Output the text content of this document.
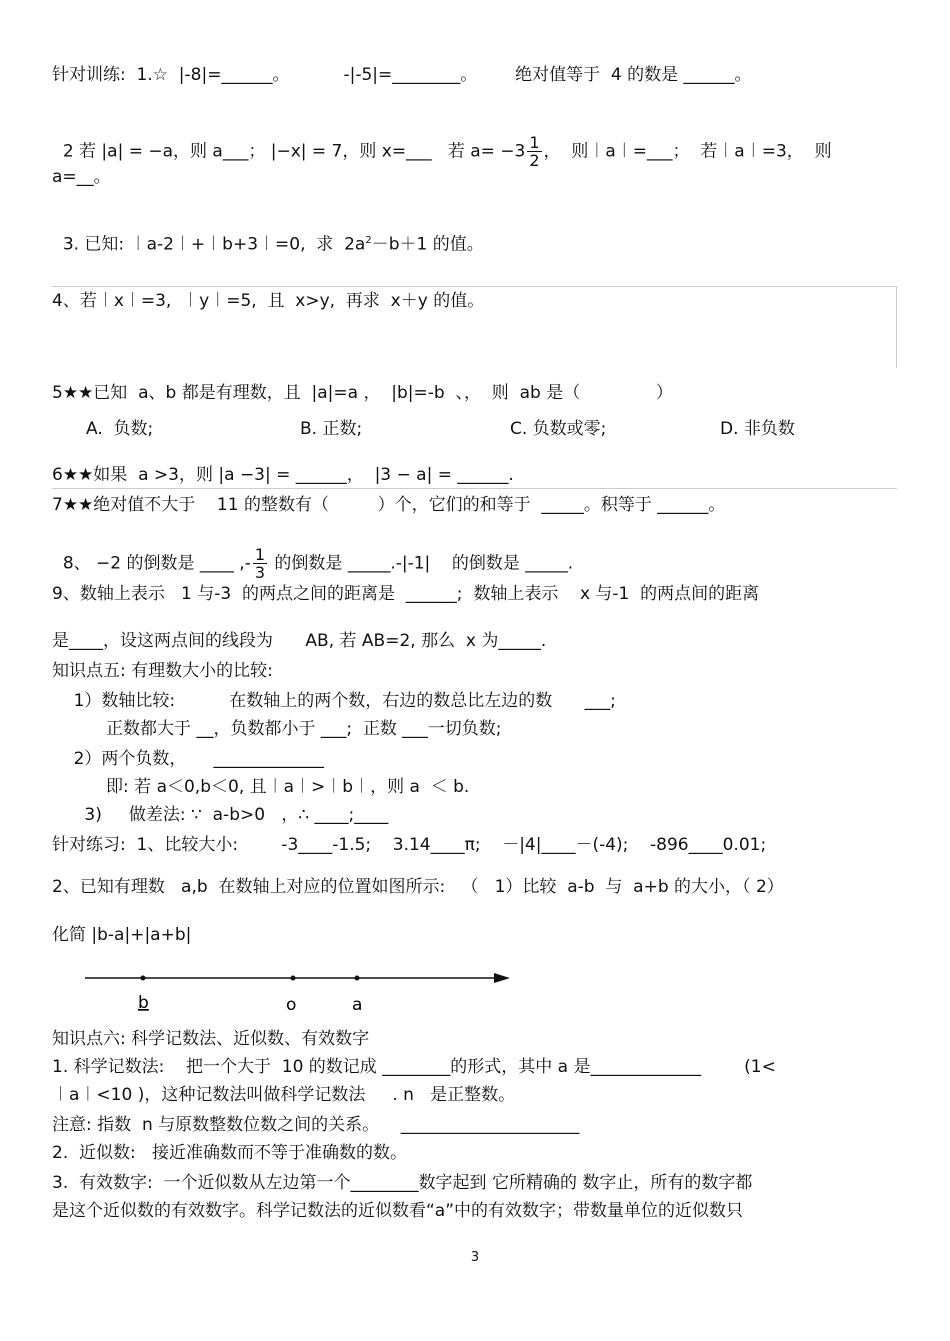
针对训练:  1.☆  |-8|=______。          -|-5|=________。       绝对值等于  4 的数是 ______。

2 若 |a| = −a，则 a___； |−x| = 7，则 x=___   若 $a= -3 \frac{1}{2}$ ，  则︱a︱=___；  若︱a︱=3，  则

a=__。

3. 已知: ︱a-2︱+︱b+3︱=0,  求  $2a^2-b+1$ 的值。

4、若︱x︱=3,  ︱y︱=5,  且  x>y,  再求  x＋y 的值。
5★★已知  a、b 都是有理数，且  |a|=a ，  |b|=-b  、，  则  ab 是（              ）
A.  负数;	B. 正数;	C. 负数或零;	D. 非负数
6★★如果  a >3，则 |a −3| = ______，  |3 − a| = ______.
7★★绝对值不大于    11 的整数有（         ）个，它们的和等于  _____。积等于 ______。

8、 −2 的倒数是 ____ ,- $\frac{1}{3}$ 的倒数是 _____.-|-1|    的倒数是 _____.

9、数轴上表示   1 与-3  的两点之间的距离是  ______;  数轴上表示    x 与-1  的两点间的距离
是____，设这两点间的线段为      AB, 若 AB=2, 那么  x 为_____.
知识点五: 有理数大小的比较:
1）数轴比较:          在数轴上的两个数，右边的数总比左边的数      ___;
正数都大于 __，负数都小于 ___;  正数 ___一切负数;
2）两个负数，     _____________
即: 若 a＜0,b＜0, 且︱a︱>︱b︱，则 a  ＜ b.
3)     做差法: ∵  a-b>0   ，∴ ____;____
针对练习:  1、比较大小:        -3____-1.5;    3.14____π;    －|4|____－(-4);    -896____0.01;
2、已知有理数   a,b  在数轴上对应的位置如图所示:   （   1）比较  a-b  与  a+b 的大小，（ 2）
化简 |b-a|+|a+b|
b	o	a
知识点六: 科学记数法、近似数、有效数字
1. 科学记数法:    把一个大于  10 的数记成 ________的形式，其中 a 是_____________        (1<
︱a︱<10 )，这种记数法叫做科学记数法     . n   是正整数。
注意: 指数  n 与原数整数位数之间的关系。    _____________________
2.  近似数:   接近准确数而不等于准确数的数。
3.  有效数字:  一个近似数从左边第一个________数字起到 它所精确的 数字止，所有的数字都
是这个近似数的有效数字。科学记数法的近似数看“a”中的有效数字；带数量单位的近似数只
3
